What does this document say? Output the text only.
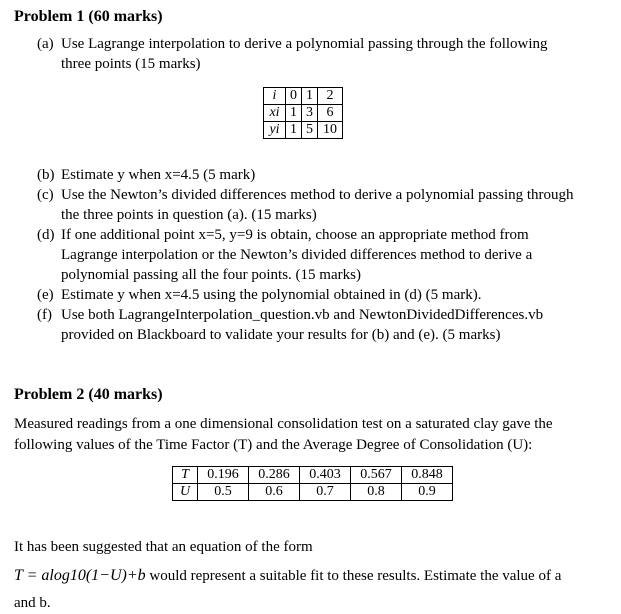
Problem 1 (60 marks)
(a) Use Lagrange interpolation to derive a polynomial passing through the following
three points (15 marks)
i	0	1	2
xi	1	3	6
yi	1	5	10
(b) Estimate y when x=4.5 (5 mark)
(c) Use the Newton’s divided differences method to derive a polynomial passing through
the three points in question (a). (15 marks)
(d) If one additional point x=5, y=9 is obtain, choose an appropriate method from
Lagrange interpolation or the Newton’s divided differences method to derive a
polynomial passing all the four points. (15 marks)
(e) Estimate y when x=4.5 using the polynomial obtained in (d) (5 mark).
(f) Use both LagrangeInterpolation_question.vb and NewtonDividedDifferences.vb
provided on Blackboard to validate your results for (b) and (e). (5 marks)
Problem 2 (40 marks)
Measured readings from a one dimensional consolidation test on a saturated clay gave the
following values of the Time Factor (T) and the Average Degree of Consolidation (U):
T	0.196	0.286	0.403	0.567	0.848
U	0.5	0.6	0.7	0.8	0.9
It has been suggested that an equation of the form
T = alog10(1−U)+b would represent a suitable fit to these results. Estimate the value of a
and b.
